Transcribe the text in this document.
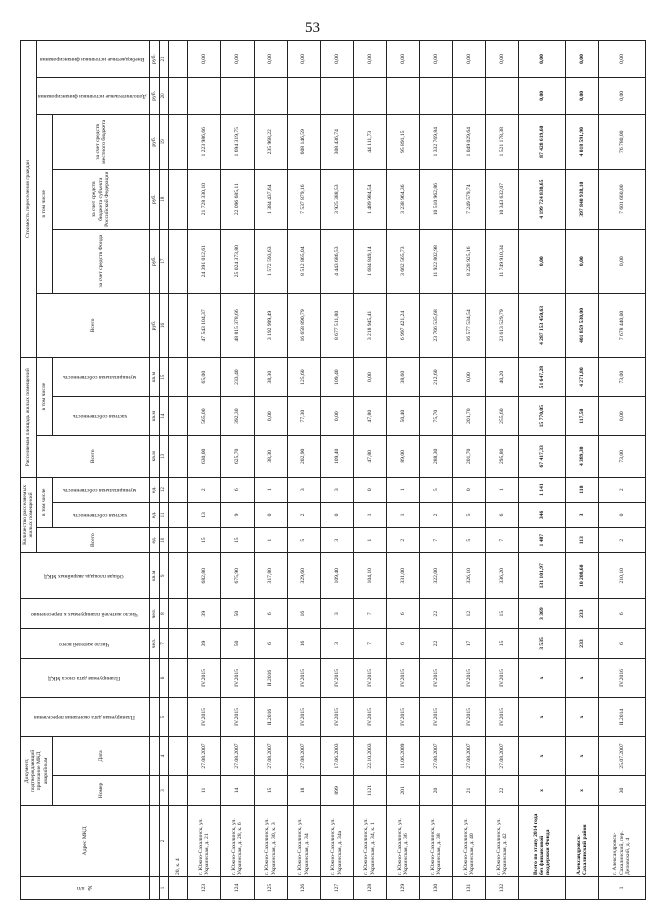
53
№ п/п	Адрес МКД	Документ, подтверждающий признание МКД аварийным		Планируемая дата окончания переселения	Планируемая дата сноса МКД	Число жителей всего	Число жителей планируемых к переселению	Общая площадь аварийных МКД	Количество расселяемых жилых помещений			Расселяемая площадь жилых помещений			Стоимость переселения граждан					
									Всего	в том числе		Всего	в том числе		Всего	в том числе			Дополнительные источники финансирования	Внебюджетные источники финансирования
		Номер	Дата							частная собственность	муниципальная собственность		частная собственность	муниципальная собственность		за счет средств Фонда	за счет средств бюджета субъекта Российской Федерации	за счет средств местного бюджета		
						чел.	чел.	кв.м	ед.	ед.	ед.	кв.м	кв.м	кв.м	руб.	руб.	руб.	руб.	руб.	руб.
1	2	3	4	5	6	7	8	9	10	11	12	13	14	15	16	17	18	19	20	21
	20, к. 4																			
123	г. Южно-Сахалинск, ул. Украинская, д. 21	11	27.08.2007	IV.2015	IV.2015	39	39	682,80	15	13	2	630,00	565,00	65,00	47 543 104,37	24 391 012,61	21 728 330,10	1 223 986,66		0,00
124	г. Южно-Сахалинск, ул. Украинская, д. 28, к. 6	14	27.08.2007	IV.2015	IV.2015	50	50	675,90	15	9	6	625,70	392,30	233,40	48 815 378,66	25 024 373,80	22 096 685,11	1 694 319,75		0,00
125	г. Южно-Сахалинск, ул. Украинская, д. 30, к. 3	15	27.08.2007	II.2016	II.2016	6	6	317,80	1	0	1	38,30	0,00	38,30	3 192 999,49	1 572 593,63	1 384 437,64	235 968,22		0,00
126	г. Южно-Сахалинск, ул. Украинская, д. 34	18	27.08.2007	IV.2015	IV.2015	16	16	329,60	5	2	3	202,90	77,30	125,60	16 658 890,79	8 512 865,04	7 537 879,16	608 146,59		0,00
127	г. Южно-Сахалинск, ул. Украинская, д. 34а	899	17.06.2003	IV.2015	IV.2015	3	3	109,40	3	0	3	109,40	0,00	109,40	8 677 511,80	4 443 686,53	3 925 388,53	308 436,74		0,00
128	г. Южно-Сахалинск, ул. Украинская, д. 34, к. 1	1121	22.10.2003	IV.2015	IV.2015	7	7	104,10	1	1	0	47,80	47,80	0,00	3 218 945,41	1 684 849,14	1 489 984,54	44 111,73		0,00
129	г. Южно-Сахалинск, ул. Украинская, д. 36	201	11.06.2009	IV.2015	IV.2015	6	6	331,00	2	1	1	89,00	50,40	38,60	6 997 421,24	3 662 565,73	3 238 964,36	95 891,15		0,00
130	г. Южно-Сахалинск, ул. Украинская, д. 38	20	27.08.2007	IV.2015	IV.2015	22	22	322,00	7	2	5	288,30	75,70	212,60	23 766 535,68	11 922 802,98	10 510 962,86	1 332 769,84		0,00
131	г. Южно-Сахалинск, ул. Украинская, д. 40	21	27.08.2007	IV.2015	IV.2015	17	12	326,10	5	5	0	201,70	201,70	0,00	16 577 534,54	8 228 925,16	7 249 579,74	1 049 029,64		0,00
132	г. Южно-Сахалинск, ул. Украинская, д. 42	22	27.08.2007	IV.2015	IV.2015	15	15	336,20	7	6	1	295,80	255,60	40,20	23 613 529,79	11 749 910,34	10 343 632,07	1 521 178,38		0,00
	Всего по этапу 2014 года без финансовой поддержки Фонда	x	x	x	x	3 535	3 369	131 101,97	1 487	346	1 141	67 417,33	15 770,05	51 647,28	4 287 153 450,63	0,00	4 199 724 830,65	87 428 619,60	0,00	0,00
	Александровск-Сахалинский район	x	x	x	x	233	233	10 208,60	113	3	110	4 389,30	117,50	4 271,80	401 859 530,00	0,00	397 840 938,10	4 018 591,90	0,00	0,00
1	г. Александровск-Сахалинский, пер. Деповский, д. 4	30	25.07.2007	II.2014	IV.2016	6	6	210,10	2	0	2	73,00	0,00	73,00	7 678 440,00	0,00	7 601 660,00	76 780,00	0,00	0,00
